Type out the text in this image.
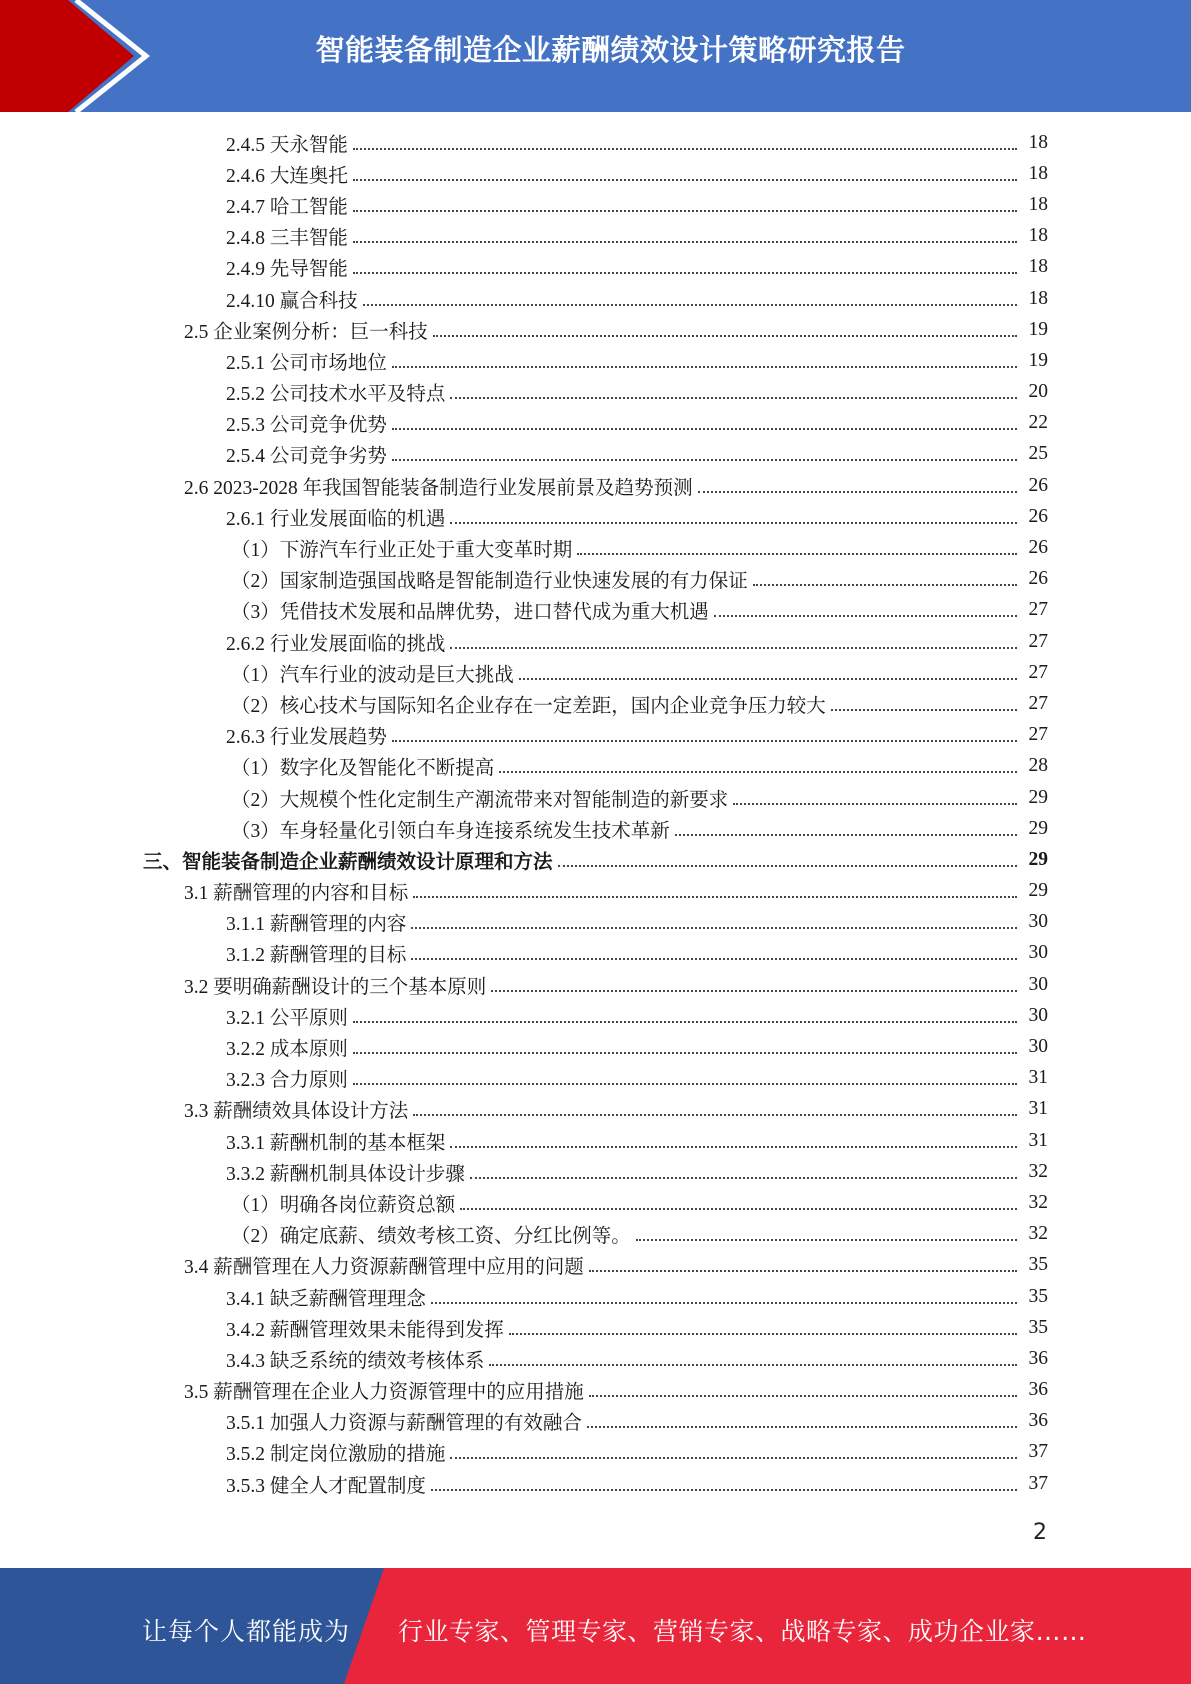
智能装备制造企业薪酬绩效设计策略研究报告
2.4.5 天永智能	18
2.4.6 大连奥托	18
2.4.7 哈工智能	18
2.4.8 三丰智能	18
2.4.9 先导智能	18
2.4.10 赢合科技	18
2.5 企业案例分析：巨一科技	19
2.5.1 公司市场地位	19
2.5.2 公司技术水平及特点	20
2.5.3 公司竞争优势	22
2.5.4 公司竞争劣势	25
2.6 2023-2028 年我国智能装备制造行业发展前景及趋势预测	26
2.6.1 行业发展面临的机遇	26
（1）下游汽车行业正处于重大变革时期	26
（2）国家制造强国战略是智能制造行业快速发展的有力保证	26
（3）凭借技术发展和品牌优势，进口替代成为重大机遇	27
2.6.2 行业发展面临的挑战	27
（1）汽车行业的波动是巨大挑战	27
（2）核心技术与国际知名企业存在一定差距，国内企业竞争压力较大	27
2.6.3 行业发展趋势	27
（1）数字化及智能化不断提高	28
（2）大规模个性化定制生产潮流带来对智能制造的新要求	29
（3）车身轻量化引领白车身连接系统发生技术革新	29
三、智能装备制造企业薪酬绩效设计原理和方法	29
3.1 薪酬管理的内容和目标	29
3.1.1 薪酬管理的内容	30
3.1.2 薪酬管理的目标	30
3.2 要明确薪酬设计的三个基本原则	30
3.2.1 公平原则	30
3.2.2 成本原则	30
3.2.3 合力原则	31
3.3 薪酬绩效具体设计方法	31
3.3.1 薪酬机制的基本框架	31
3.3.2 薪酬机制具体设计步骤	32
（1）明确各岗位薪资总额	32
（2）确定底薪、绩效考核工资、分红比例等。	32
3.4 薪酬管理在人力资源薪酬管理中应用的问题	35
3.4.1 缺乏薪酬管理理念	35
3.4.2 薪酬管理效果未能得到发挥	35
3.4.3 缺乏系统的绩效考核体系	36
3.5 薪酬管理在企业人力资源管理中的应用措施	36
3.5.1 加强人力资源与薪酬管理的有效融合	36
3.5.2 制定岗位激励的措施	37
3.5.3 健全人才配置制度	37
2
让每个人都能成为 行业专家、管理专家、营销专家、战略专家、成功企业家……
